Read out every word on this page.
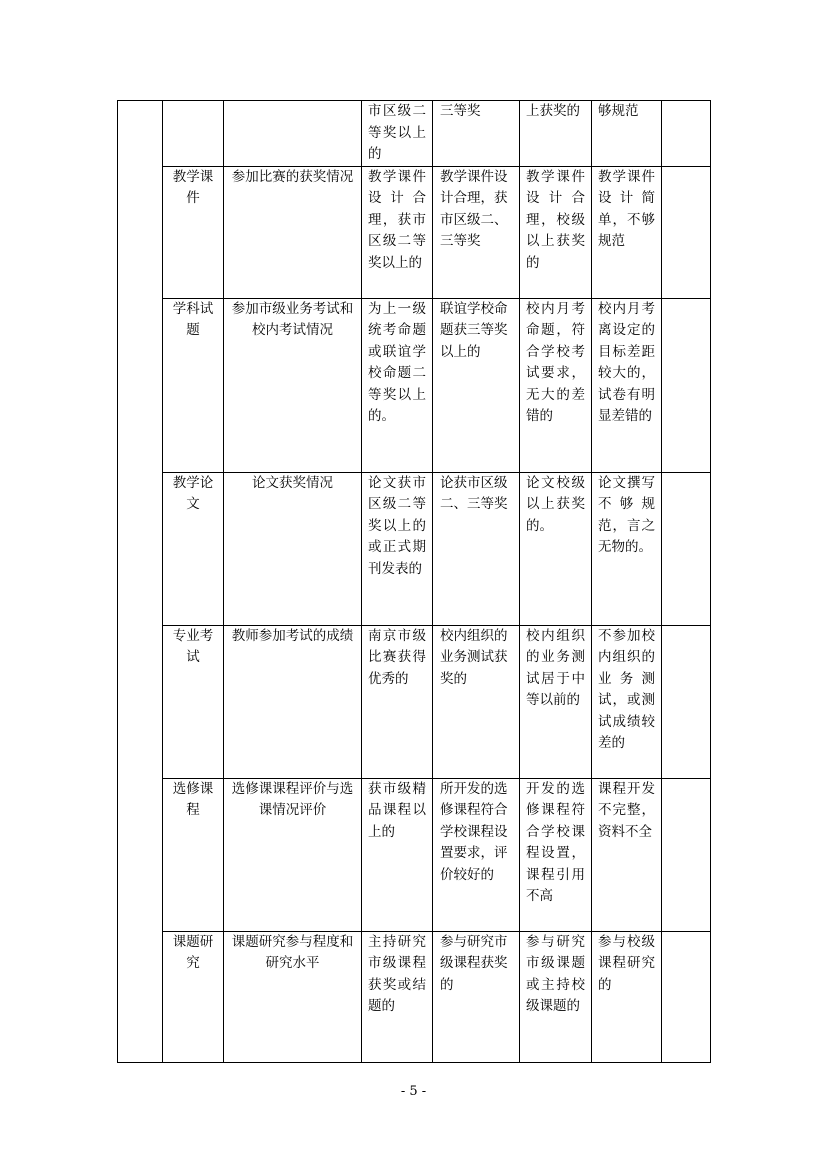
			市区级二等奖以上的	三等奖	上获奖的	够规范	

	教学课件	参加比赛的获奖情况	教学课件设计合理，获市区级二等奖以上的	教学课件设计合理，获市区级二、三等奖	教学课件设计合理，校级以上获奖的	教学课件设计简单，不够规范	

	学科试题	参加市级业务考试和校内考试情况	为上一级统考命题或联谊学校命题二等奖以上的。	联谊学校命题获三等奖以上的	校内月考命题，符合学校考试要求，无大的差错的	校内月考离设定的目标差距较大的，试卷有明显差错的	

	教学论文	论文获奖情况	论文获市区级二等奖以上的或正式期刊发表的	论获市区级二、三等奖	论文校级以上获奖的。	论文撰写不够规范，言之无物的。	

	专业考试	教师参加考试的成绩	南京市级比赛获得优秀的	校内组织的业务测试获奖的	校内组织的业务测试居于中等以前的	不参加校内组织的业务测试，或测试成绩较差的	

	选修课程	选修课课程评价与选课情况评价	获市级精品课程以上的	所开发的选修课程符合学校课程设置要求，评价较好的	开发的选修课程符合学校课程设置，课程引用不高	课程开发不完整，资料不全	

	课题研究	课题研究参与程度和研究水平	主持研究市级课程获奖或结题的	参与研究市级课程获奖的	参与研究市级课题或主持校级课题的	参与校级课程研究的	

- 5 -
